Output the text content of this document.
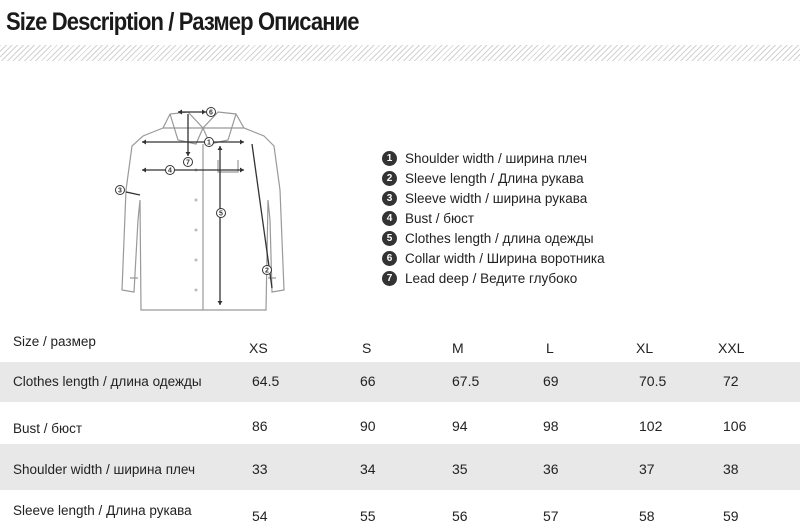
Size Description / Размер Описание
6
1
7
4
5
3
2
1 Shoulder width / ширина плеч
2 Sleeve length / Длина рукава
3 Sleeve width / ширина рукава
4 Bust / бюст
5 Clothes length / длина одежды
6 Collar width / Ширина воротника
7 Lead deep / Ведите глубоко
Size / размер	XS	S	M	L	XL	XXL
Clothes length / длина одежды	64.5	66	67.5	69	70.5	72
Bust / бюст	86	90	94	98	102	106
Shoulder width / ширина плеч	33	34	35	36	37	38
Sleeve length / Длина рукава	54	55	56	57	58	59
